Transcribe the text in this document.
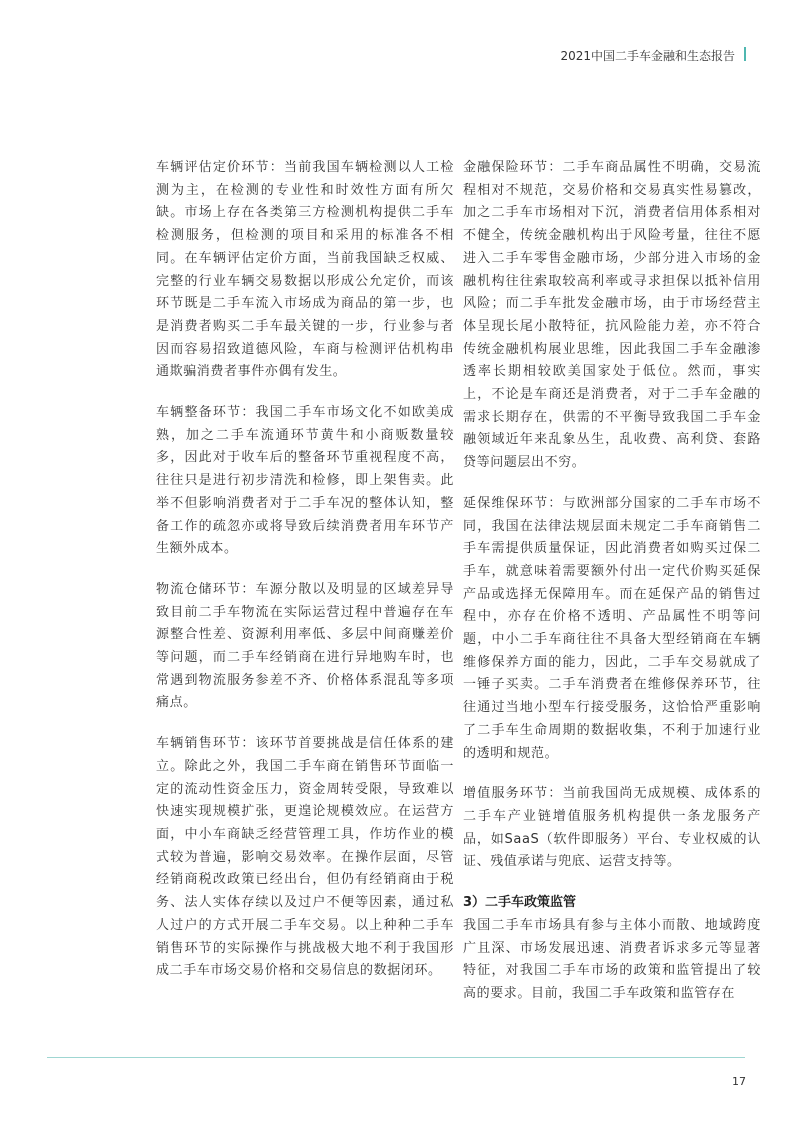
2021中国二手车金融和生态报告

车辆评估定价环节：当前我国车辆检测以人工检测为主，在检测的专业性和时效性方面有所欠缺。市场上存在各类第三方检测机构提供二手车检测服务，但检测的项目和采用的标准各不相同。在车辆评估定价方面，当前我国缺乏权威、完整的行业车辆交易数据以形成公允定价，而该环节既是二手车流入市场成为商品的第一步，也是消费者购买二手车最关键的一步，行业参与者因而容易招致道德风险，车商与检测评估机构串通欺骗消费者事件亦偶有发生。

车辆整备环节：我国二手车市场文化不如欧美成熟，加之二手车流通环节黄牛和小商贩数量较多，因此对于收车后的整备环节重视程度不高，往往只是进行初步清洗和检修，即上架售卖。此举不但影响消费者对于二手车况的整体认知，整备工作的疏忽亦或将导致后续消费者用车环节产生额外成本。

物流仓储环节：车源分散以及明显的区域差异导致目前二手车物流在实际运营过程中普遍存在车源整合性差、资源利用率低、多层中间商赚差价等问题，而二手车经销商在进行异地购车时，也常遇到物流服务参差不齐、价格体系混乱等多项痛点。

车辆销售环节：该环节首要挑战是信任体系的建立。除此之外，我国二手车商在销售环节面临一定的流动性资金压力，资金周转受限，导致难以快速实现规模扩张，更遑论规模效应。在运营方面，中小车商缺乏经营管理工具，作坊作业的模式较为普遍，影响交易效率。在操作层面，尽管经销商税改政策已经出台，但仍有经销商由于税务、法人实体存续以及过户不便等因素，通过私人过户的方式开展二手车交易。以上种种二手车销售环节的实际操作与挑战极大地不利于我国形成二手车市场交易价格和交易信息的数据闭环。

金融保险环节：二手车商品属性不明确，交易流程相对不规范，交易价格和交易真实性易篡改，加之二手车市场相对下沉，消费者信用体系相对不健全，传统金融机构出于风险考量，往往不愿进入二手车零售金融市场，少部分进入市场的金融机构往往索取较高利率或寻求担保以抵补信用风险；而二手车批发金融市场，由于市场经营主体呈现长尾小散特征，抗风险能力差，亦不符合传统金融机构展业思维，因此我国二手车金融渗透率长期相较欧美国家处于低位。然而，事实上，不论是车商还是消费者，对于二手车金融的需求长期存在，供需的不平衡导致我国二手车金融领域近年来乱象丛生，乱收费、高利贷、套路贷等问题层出不穷。

延保维保环节：与欧洲部分国家的二手车市场不同，我国在法律法规层面未规定二手车商销售二手车需提供质量保证，因此消费者如购买过保二手车，就意味着需要额外付出一定代价购买延保产品或选择无保障用车。而在延保产品的销售过程中，亦存在价格不透明、产品属性不明等问题，中小二手车商往往不具备大型经销商在车辆维修保养方面的能力，因此，二手车交易就成了一锤子买卖。二手车消费者在维修保养环节，往往通过当地小型车行接受服务，这恰恰严重影响了二手车生命周期的数据收集，不利于加速行业的透明和规范。

增值服务环节：当前我国尚无成规模、成体系的二手车产业链增值服务机构提供一条龙服务产品，如SaaS（软件即服务）平台、专业权威的认证、残值承诺与兜底、运营支持等。

3）二手车政策监管

我国二手车市场具有参与主体小而散、地域跨度广且深、市场发展迅速、消费者诉求多元等显著特征，对我国二手车市场的政策和监管提出了较高的要求。目前，我国二手车政策和监管存在

17
